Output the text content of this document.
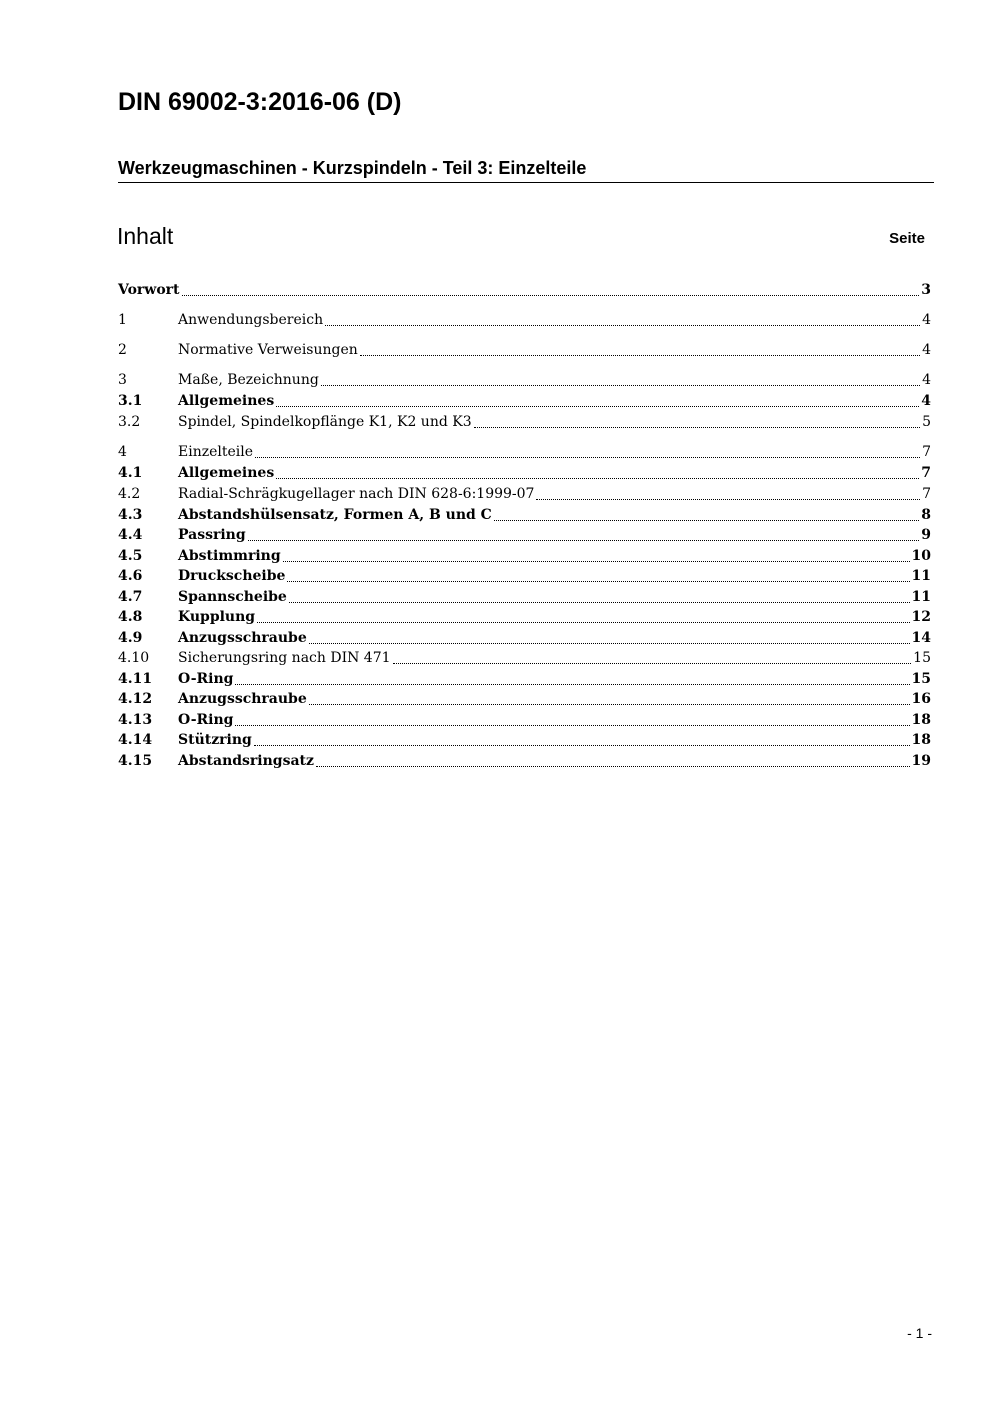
DIN 69002-3:2016-06 (D)
Werkzeugmaschinen - Kurzspindeln - Teil 3: Einzelteile
Inhalt	Seite
Vorwort	3
1	Anwendungsbereich	4
2	Normative Verweisungen	4
3	Maße, Bezeichnung	4
3.1	Allgemeines	4
3.2	Spindel, Spindelkopflänge K1, K2 und K3	5
4	Einzelteile	7
4.1	Allgemeines	7
4.2	Radial-Schrägkugellager nach DIN 628-6:1999-07	7
4.3	Abstandshülsensatz, Formen A, B und C	8
4.4	Passring	9
4.5	Abstimmring	10
4.6	Druckscheibe	11
4.7	Spannscheibe	11
4.8	Kupplung	12
4.9	Anzugsschraube	14
4.10	Sicherungsring nach DIN 471	15
4.11	O-Ring	15
4.12	Anzugsschraube	16
4.13	O-Ring	18
4.14	Stützring	18
4.15	Abstandsringsatz	19
- 1 -
